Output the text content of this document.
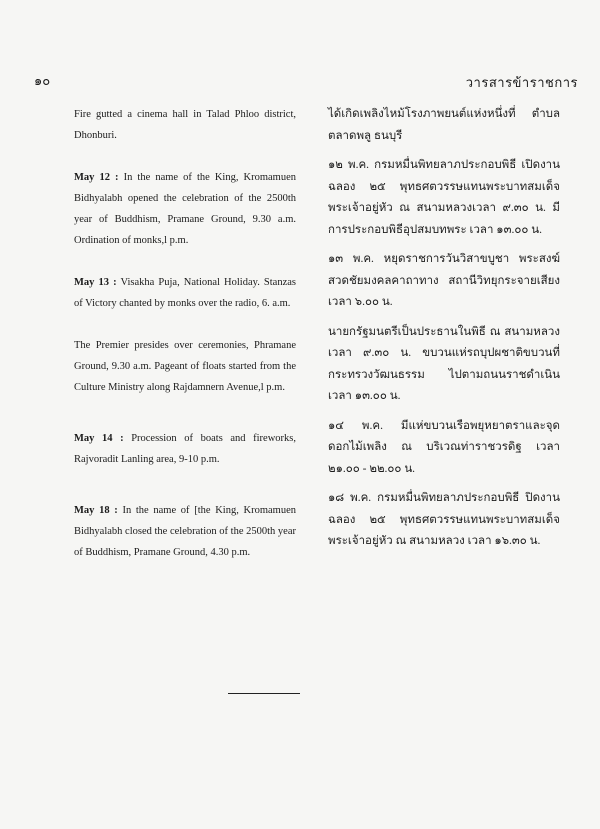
๑๐	วารสารข้าราชการ

Fire gutted a cinema hall in Talad Phloo district, Dhonburi.

May 12 : In the name of the King, Kromamuen Bidhyalabh opened the celebration of the 2500th year of Buddhism, Pramane Ground, 9.30 a.m. Ordination of monks,l p.m.

May 13 : Visakha Puja, National Holiday. Stanzas of Victory chanted by monks over the radio, 6. a.m.

The Premier presides over ceremonies, Phramane Ground, 9.30 a.m. Pageant of floats started from the Culture Ministry along Rajdamnern Avenue,l p.m.

May 14 : Procession of boats and fireworks, Rajvoradit Lanling area, 9-10 p.m.

May 18 : In the name of [the King, Kromamuen Bidhyalabh closed the celebration of the 2500th year of Buddhism, Pramane Ground, 4.30 p.m.

ได้เกิดเพลิงไหม้โรงภาพยนต์แห่งหนึ่งที่ ตำบลตลาดพลู ธนบุรี

๑๒ พ.ค. กรมหมื่นพิทยลาภประกอบพิธี เปิดงานฉลอง ๒๕ พุทธศตวรรษแทนพระบาทสมเด็จพระเจ้าอยู่หัว ณ สนามหลวงเวลา ๙.๓๐ น. มีการประกอบพิธีอุปสมบทพระ เวลา ๑๓.๐๐ น.

๑๓ พ.ค. หยุดราชการวันวิสาขบูชา พระสงฆ์สวดชัยมงคลคาถาทาง สถานีวิทยุกระจายเสียงเวลา ๖.๐๐ น.

นายกรัฐมนตรีเป็นประธานในพิธี ณ สนามหลวงเวลา ๙.๓๐ น. ขบวนแห่รถบุปผชาติขบวนที่กระทรวงวัฒนธรรม ไปตามถนนราชดำเนิน เวลา ๑๓.๐๐ น.

๑๔ พ.ค. มีแห่ขบวนเรือพยุหยาตราและจุดดอกไม้เพลิง ณ บริเวณท่าราชวรดิฐ เวลา ๒๑.๐๐ - ๒๒.๐๐ น.

๑๘ พ.ค. กรมหมื่นพิทยลาภประกอบพิธี ปิดงานฉลอง ๒๕ พุทธศตวรรษแทนพระบาทสมเด็จพระเจ้าอยู่หัว ณ สนามหลวง เวลา ๑๖.๓๐ น.
